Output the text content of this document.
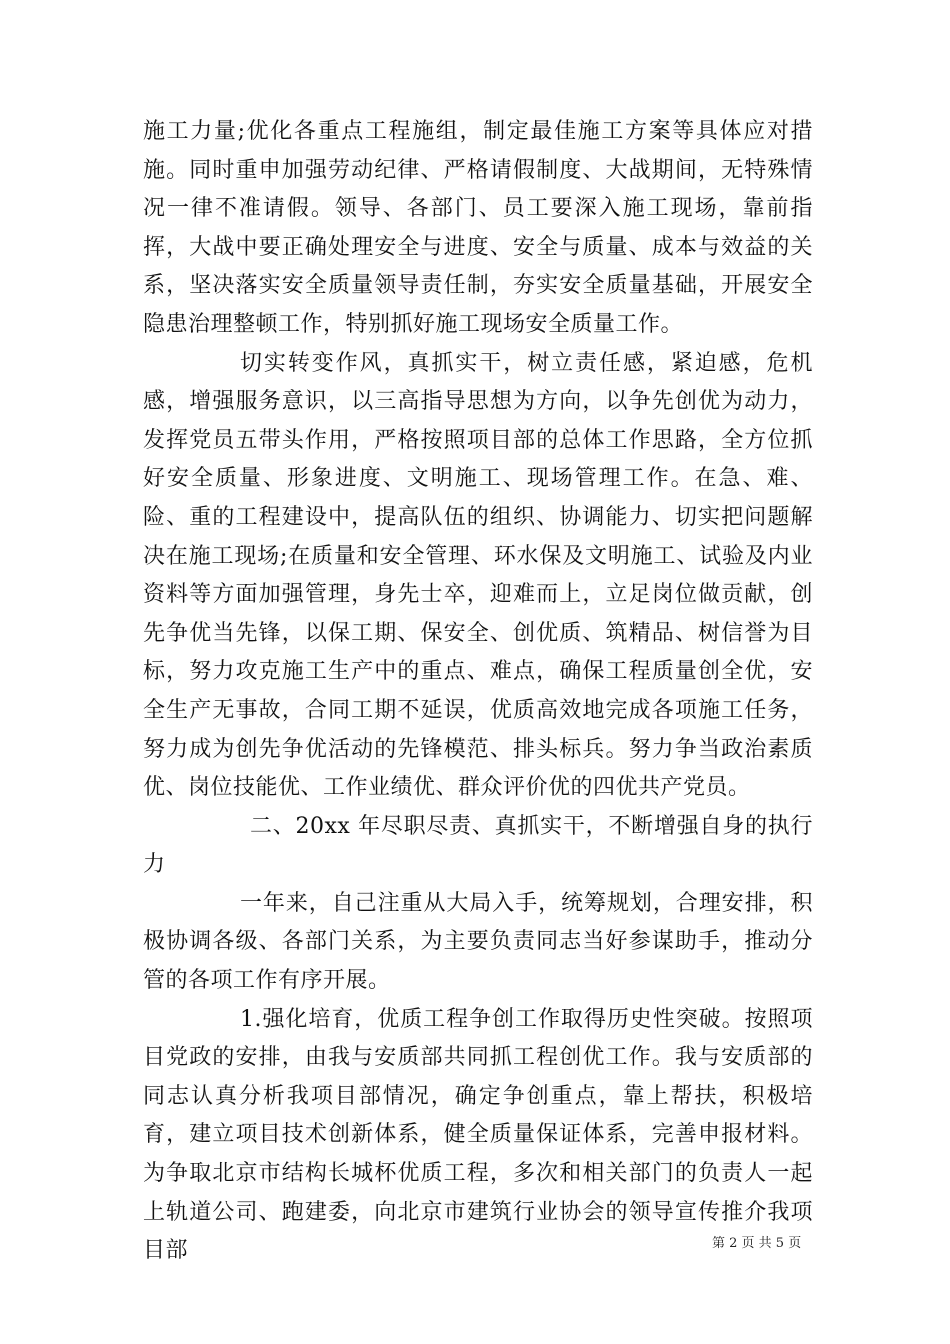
施工力量;优化各重点工程施组，制定最佳施工方案等具体应对措施。同时重申加强劳动纪律、严格请假制度、大战期间，无特殊情况一律不准请假。领导、各部门、员工要深入施工现场，靠前指挥，大战中要正确处理安全与进度、安全与质量、成本与效益的关系，坚决落实安全质量领导责任制，夯实安全质量基础，开展安全隐患治理整顿工作，特别抓好施工现场安全质量工作。

切实转变作风，真抓实干，树立责任感，紧迫感，危机感，增强服务意识，以三高指导思想为方向，以争先创优为动力，发挥党员五带头作用，严格按照项目部的总体工作思路，全方位抓好安全质量、形象进度、文明施工、现场管理工作。在急、难、险、重的工程建设中，提高队伍的组织、协调能力、切实把问题解决在施工现场;在质量和安全管理、环水保及文明施工、试验及内业资料等方面加强管理，身先士卒，迎难而上，立足岗位做贡献，创先争优当先锋，以保工期、保安全、创优质、筑精品、树信誉为目标，努力攻克施工生产中的重点、难点，确保工程质量创全优，安全生产无事故，合同工期不延误，优质高效地完成各项施工任务，努力成为创先争优活动的先锋模范、排头标兵。努力争当政治素质优、岗位技能优、工作业绩优、群众评价优的四优共产党员。

二、20xx 年尽职尽责、真抓实干，不断增强自身的执行力

一年来，自己注重从大局入手，统筹规划，合理安排，积极协调各级、各部门关系，为主要负责同志当好参谋助手，推动分管的各项工作有序开展。

1.强化培育，优质工程争创工作取得历史性突破。按照项目党政的安排，由我与安质部共同抓工程创优工作。我与安质部的同志认真分析我项目部情况，确定争创重点，靠上帮扶，积极培育，建立项目技术创新体系，健全质量保证体系，完善申报材料。为争取北京市结构长城杯优质工程，多次和相关部门的负责人一起上轨道公司、跑建委，向北京市建筑行业协会的领导宣传推介我项目部	第 2 页 共 5 页
